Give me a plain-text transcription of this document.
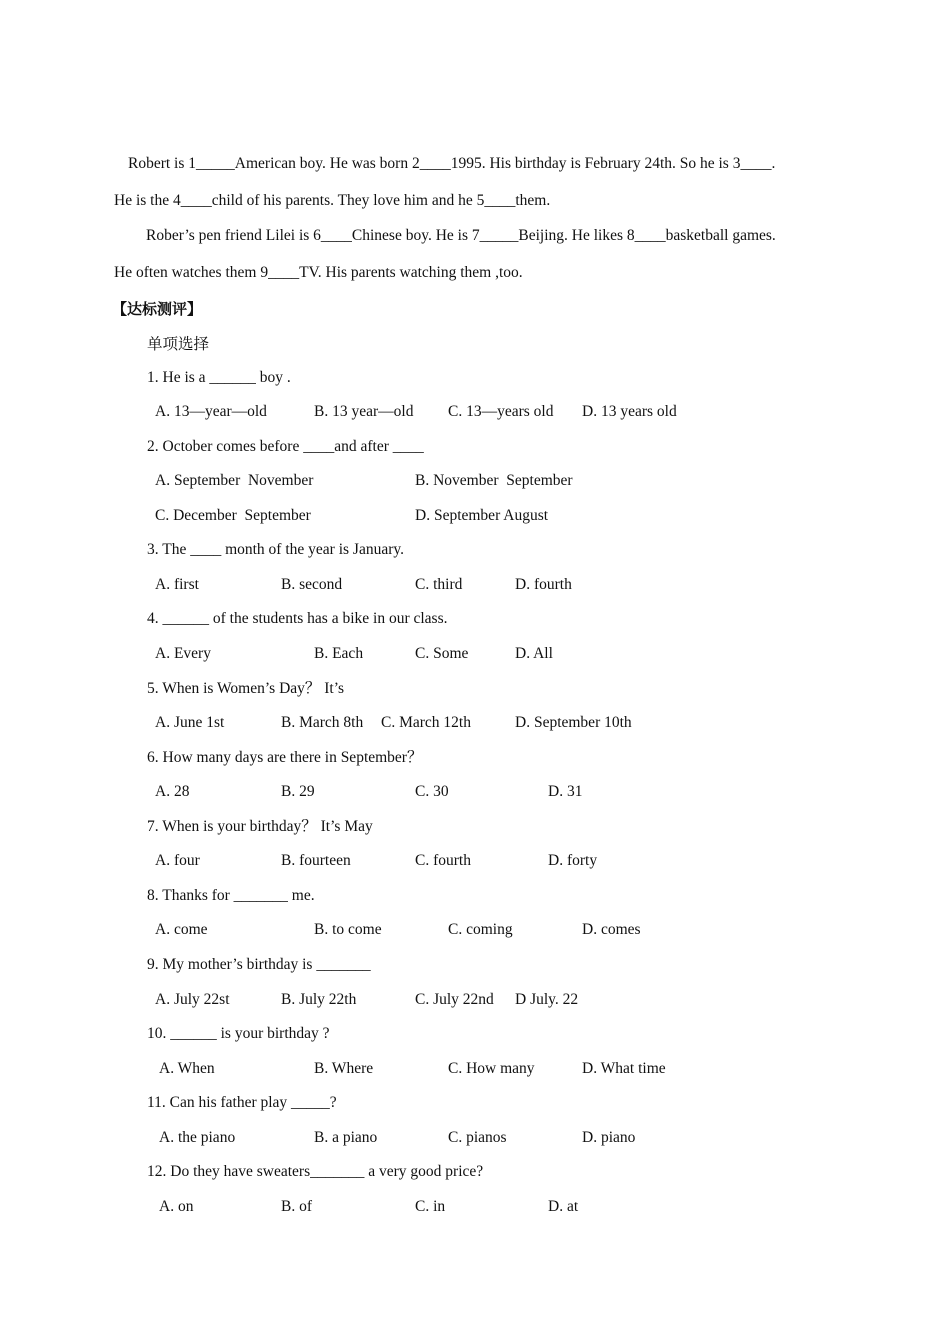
Robert is 1_____American boy. He was born 2____1995. His birthday is February 24th. So he is 3____.
He is the 4____child of his parents. They love him and he 5____them.
Rober’s pen friend Lilei is 6____Chinese boy. He is 7_____Beijing. He likes 8____basketball games.
He often watches them 9____TV. His parents watching them ,too.
【达标测评】
单项选择
1. He is a ______ boy .
A. 13—year—old	B. 13 year—old C. 13—years old D. 13 years old
2. October comes before ____and after ____
A. September  November	B. November  September
C. December  September	D. September August
3. The ____ month of the year is January.
A. first	B. second	C. third	D. fourth
4. ______ of the students has a bike in our class.
A. Every	B. Each	C. Some	D. All
5. When is Women’s Day？ It’s
A. June 1st	B. March 8th C. March 12th	D. September 10th
6. How many days are there in September？
A. 28	B. 29	C. 30	D. 31
7. When is your birthday？ It’s May
A. four	B. fourteen	C. fourth	D. forty
8. Thanks for _______ me.
A. come	B. to come	C. coming	D. comes
9. My mother’s birthday is _______
A. July 22st	B. July 22th	C. July 22nd D July. 22
10. ______ is your birthday ?
A. When	B. Where	C. How many	D. What time
11. Can his father play _____?
A. the piano	B. a piano	C. pianos	D. piano
12. Do they have sweaters_______ a very good price?
A. on	B. of	C. in	D. at
